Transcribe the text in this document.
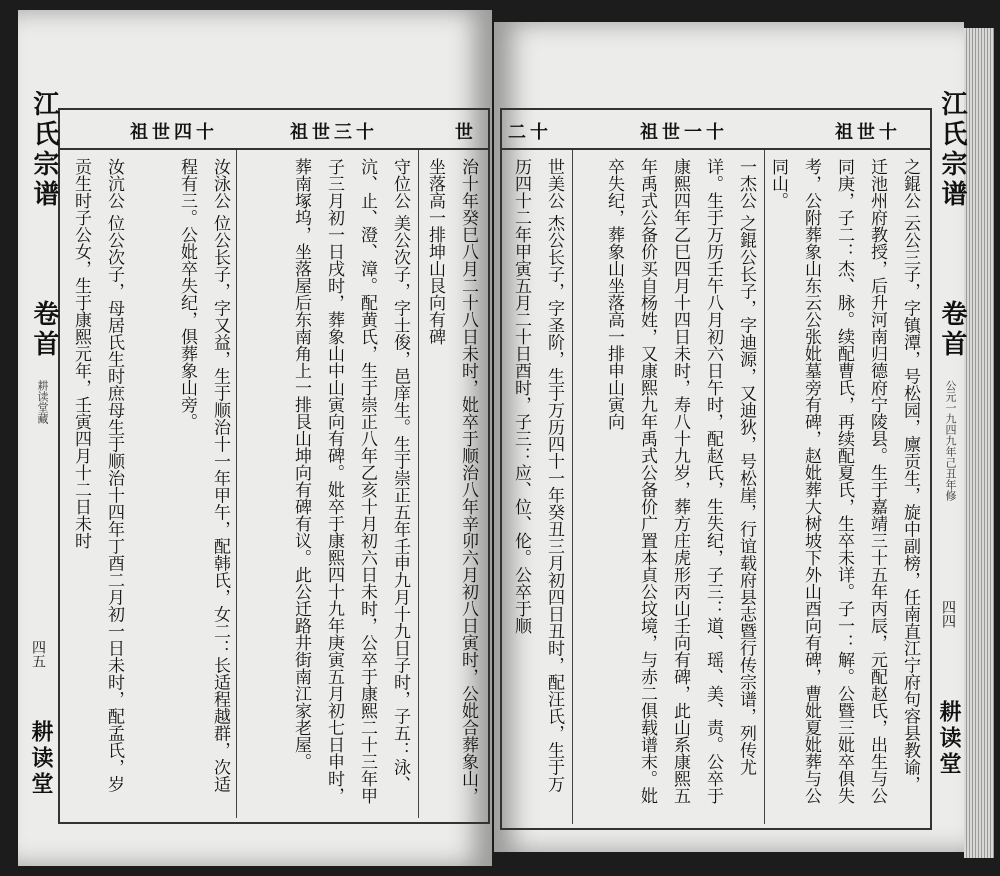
江氏宗谱
卷首
耕读堂藏
四五
耕读堂
祖世四十	祖世三十	世
汝沆公 位公次子，母居氏生时庶母生于顺治十四年丁酉二月初一日未时，配孟氏，岁贡生时子公女，生于康熙元年，壬寅四月十二日未时	汝泳公 位公长子，字又益，生于顺治十一年甲午，配韩氏，女二：长适程越群，次适程有三。公妣卒失纪，俱葬象山旁。	守位公 美公次子，字士俊，邑庠生。生于崇正五年壬申九月十九日子时，子五：泳、沆、止、澄、漳。配黄氏，生于崇正八年乙亥十月初六日未时，公卒于康熙二十三年甲子三月初一日戌时，葬象山中山寅向有碑。妣卒于康熙四十九年庚寅五月初七日申时，葬南塚坞，坐落屋后东南角上一排艮山坤向有碑有议。此公迁路井街南江家老屋。	治十年癸巳八月二十八日未时，妣卒于顺治八年辛卯六月初八日寅时，公妣合葬象山，坐落高一排坤山艮向有碑
二十	祖世一十	祖世十
世美公 杰公长子，字圣阶，生于万历四十一年癸丑三月初四日丑时，配汪氏，生于万历四十二年甲寅五月二十日酉时，子三：应、位、伦。公卒于顺	一杰公 之錕公长子，字迪源，又迪狄，号松崖，行谊载府县志暨行传宗谱，列传尤详。生于万历壬午八月初六日午时，配赵氏，生失纪，子三：道、瑶、美、责。公卒于康熙四年乙巳四月十四日未时，寿八十九岁，葬方庄虎形丙山壬向有碑，此山系康熙五年禹式公备价买自杨姓，又康熙九年禹式公备价广置本貞公坟境，与赤二俱载谱末。妣卒失纪，葬象山坐落高一排申山寅向	之錕公 云公三子，字镇潭，号松园，廪贡生，旋中副榜，任南直江宁府句容县教谕，迁池州府教授，后升河南归德府宁陵县。生于嘉靖三十五年丙辰，元配赵氏，出生与公同庚，子二：杰、脉。续配曹氏，再续配夏氏，生卒未详。子一：解。公暨三妣卒俱失考，公附葬象山东云公张妣墓旁有碑，赵妣葬大树坡下外山酉向有碑，曹妣夏妣葬与公同山。	江氏宗谱
卷首
公元一九四九年己丑年修
四四
耕读堂
